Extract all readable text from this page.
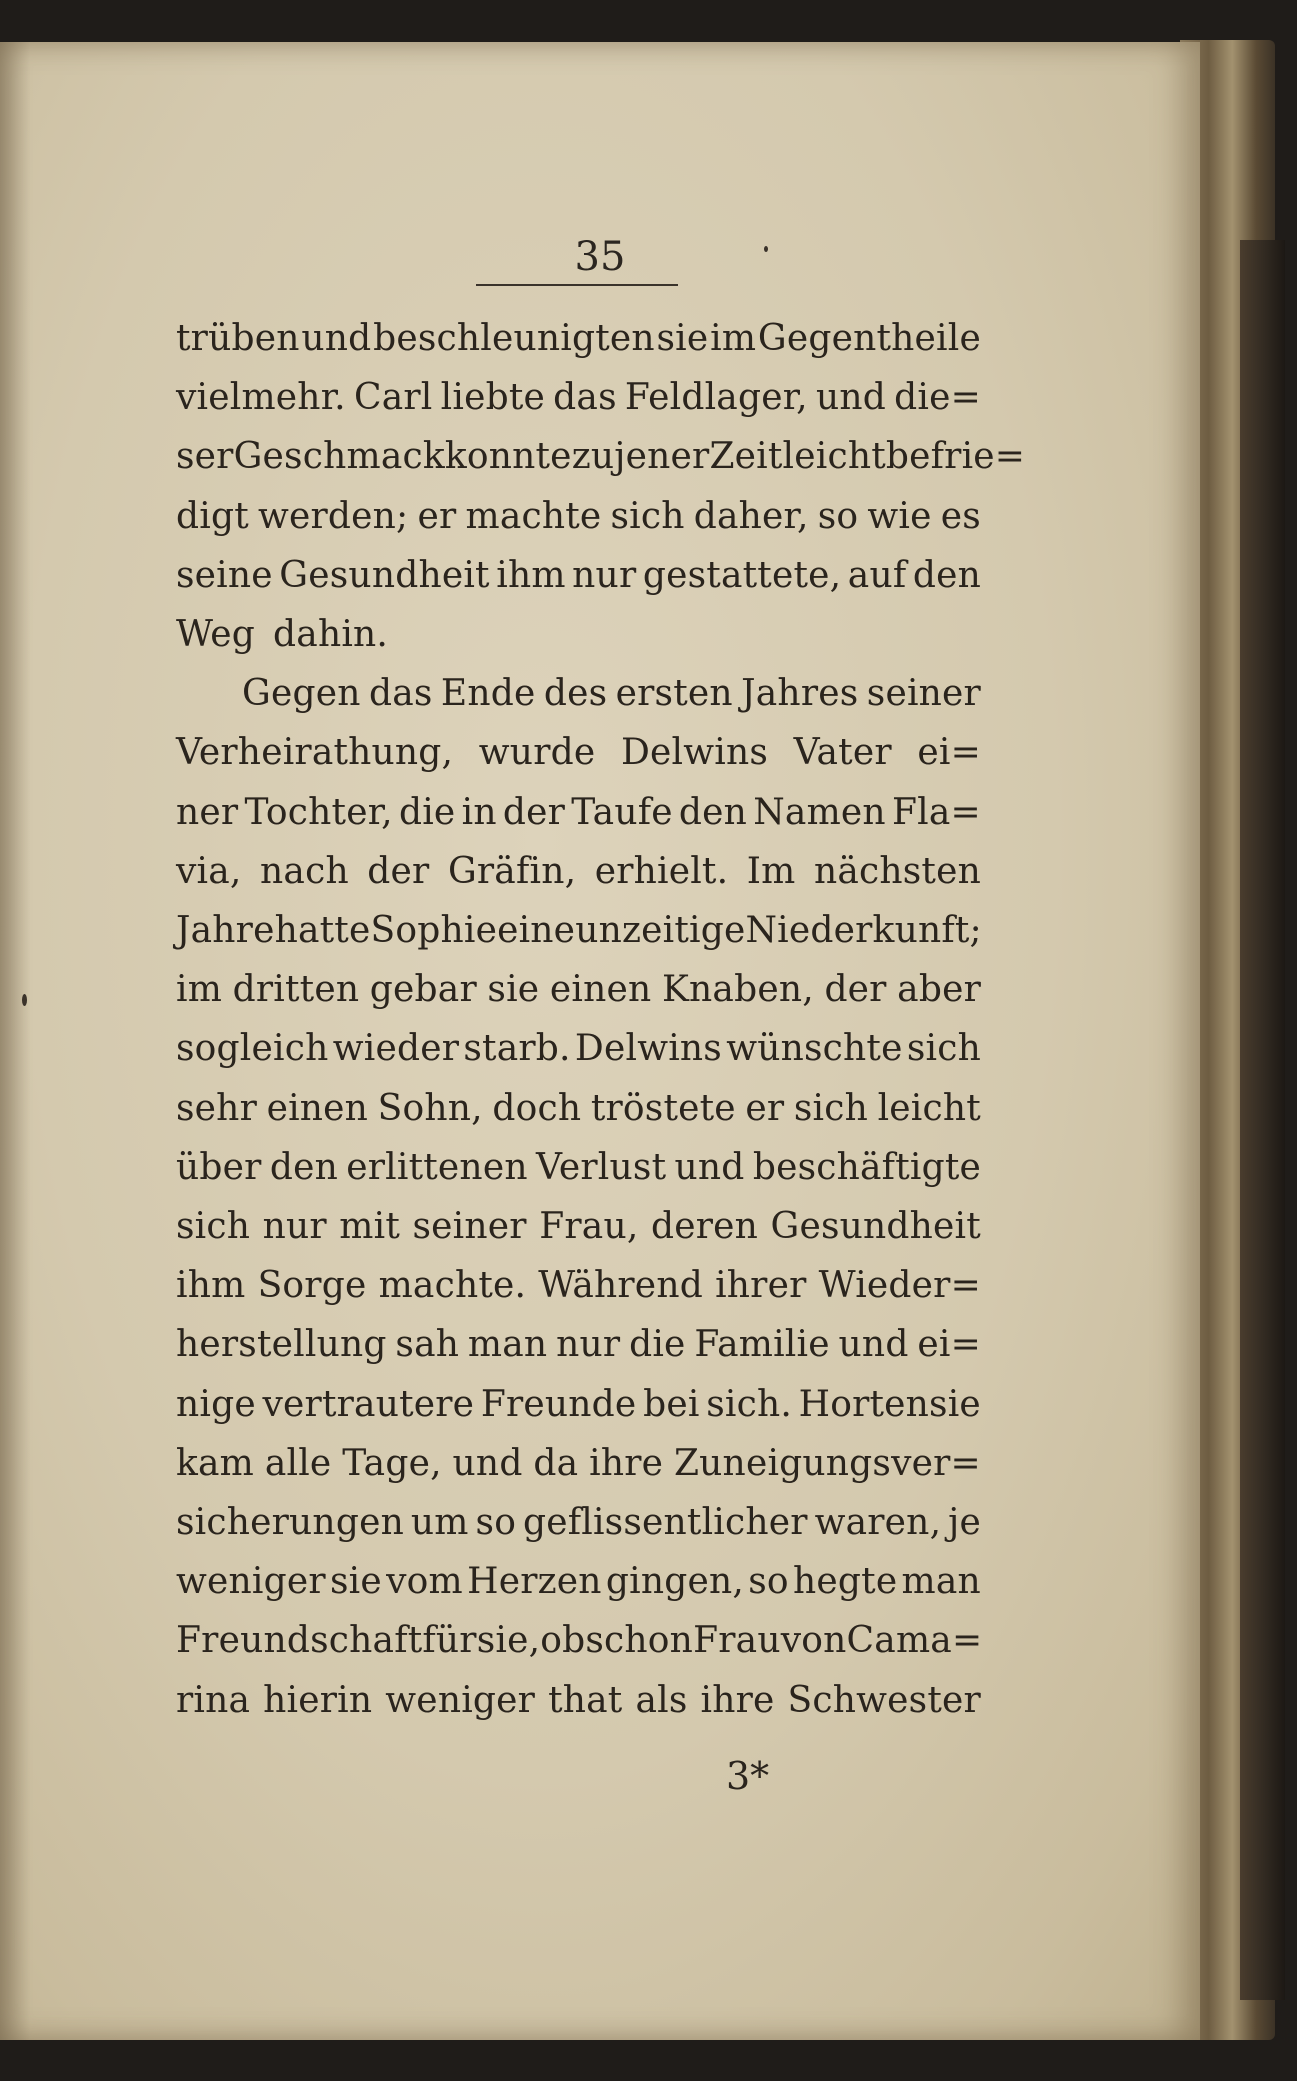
35
trüben und beschleunigten sie im Gegentheile
vielmehr. Carl liebte das Feldlager, und die=
ser Geschmack konnte zu jener Zeit leicht befrie=
digt werden; er machte sich daher, so wie es
seine Gesundheit ihm nur gestattete, auf den
Weg dahin.
Gegen das Ende des ersten Jahres seiner
Verheirathung, wurde Delwins Vater ei=
ner Tochter, die in der Taufe den Namen Fla=
via, nach der Gräfin, erhielt. Im nächsten
Jahre hatte Sophie eine unzeitige Niederkunft;
im dritten gebar sie einen Knaben, der aber
sogleich wieder starb. Delwins wünschte sich
sehr einen Sohn, doch tröstete er sich leicht
über den erlittenen Verlust und beschäftigte
sich nur mit seiner Frau, deren Gesundheit
ihm Sorge machte. Während ihrer Wieder=
herstellung sah man nur die Familie und ei=
nige vertrautere Freunde bei sich. Hortensie
kam alle Tage, und da ihre Zuneigungsver=
sicherungen um so geflissentlicher waren, je
weniger sie vom Herzen gingen, so hegte man
Freundschaft für sie, obschon Frau von Cama=
rina hierin weniger that als ihre Schwester
3*
